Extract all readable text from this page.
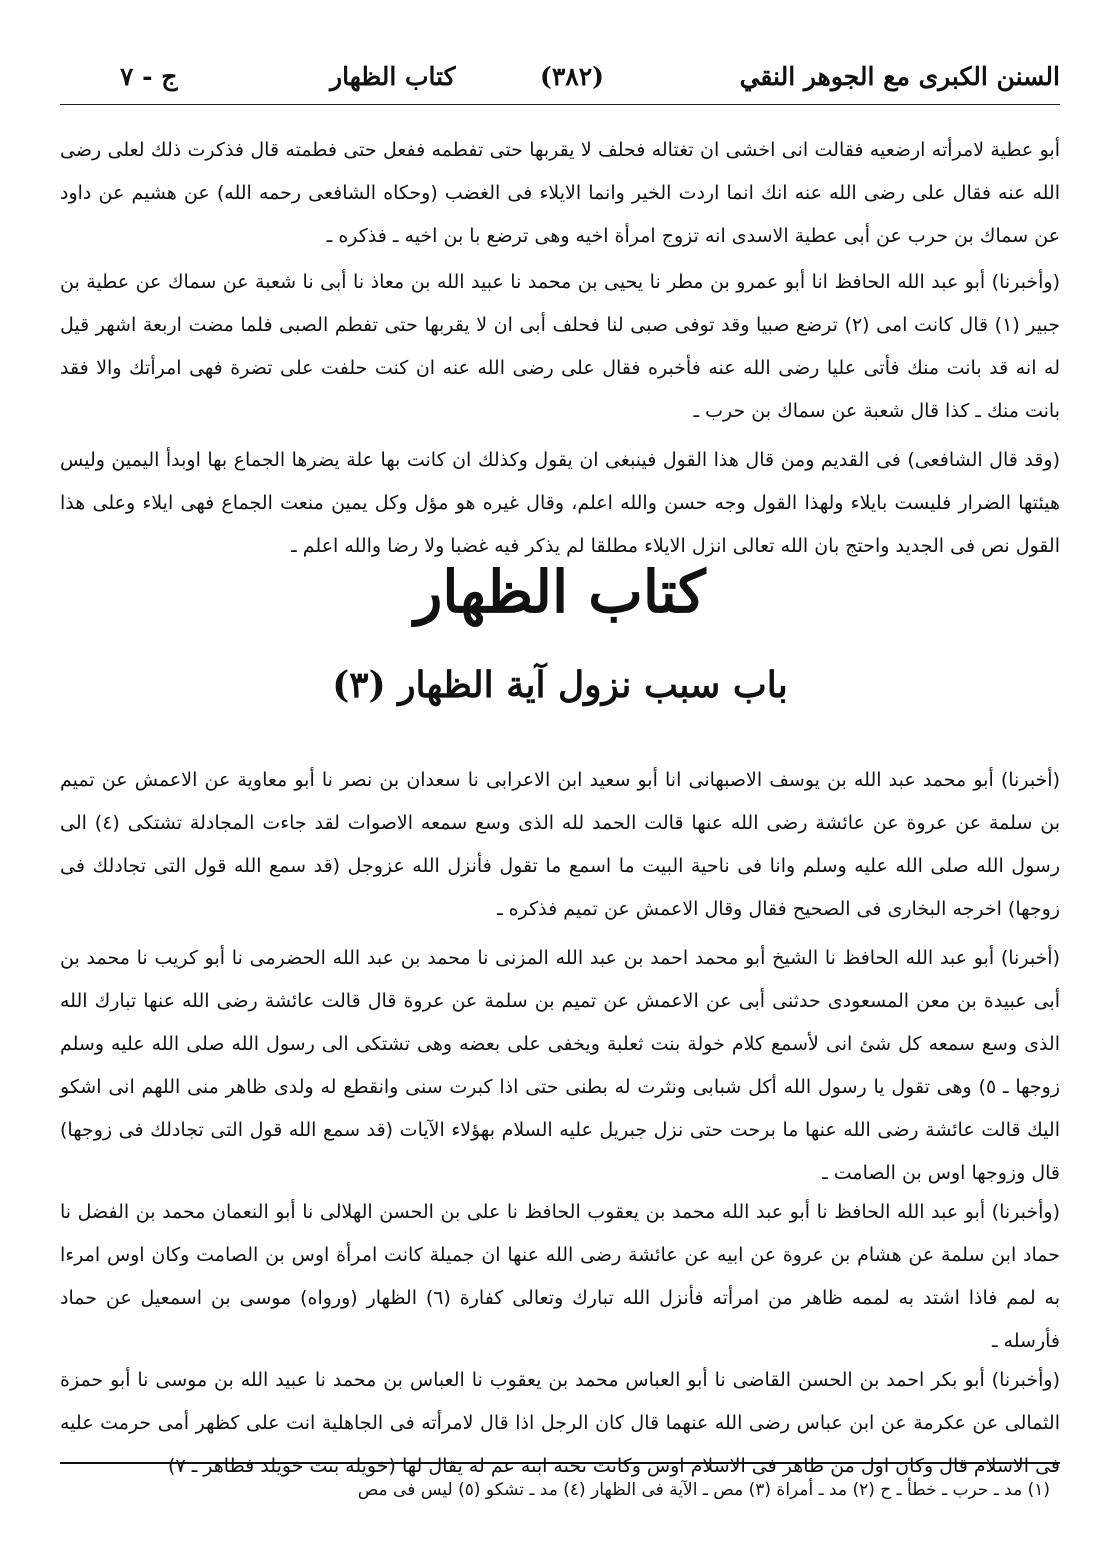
ج - ٧	كتاب الظهار	(٣٨٢)	السنن الكبرى مع الجوهر النقي

أبو عطية لامرأته ارضعيه فقالت انى اخشى ان تغتاله فحلف لا يقربها حتى تفطمه ففعل حتى فطمته قال فذكرت ذلك لعلى رضى الله عنه فقال على رضى الله عنه انك انما اردت الخير وانما الايلاء فى الغضب (وحكاه الشافعى رحمه الله) عن هشيم عن داود عن سماك بن حرب عن أبى عطية الاسدى انه تزوج امرأة اخيه وهى ترضع با بن اخيه ـ فذكره ـ

(وأخبرنا) أبو عبد الله الحافظ انا أبو عمرو بن مطر نا يحيى بن محمد نا عبيد الله بن معاذ نا أبى نا شعبة عن سماك عن عطية بن جبير (١) قال كانت امى (٢) ترضع صبيا وقد توفى صبى لنا فحلف أبى ان لا يقربها حتى تفطم الصبى فلما مضت اربعة اشهر قيل له انه قد بانت منك فأتى عليا رضى الله عنه فأخبره فقال على رضى الله عنه ان كنت حلفت على تضرة فهى امرأتك والا فقد بانت منك ـ كذا قال شعبة عن سماك بن حرب ـ

(وقد قال الشافعى) فى القديم ومن قال هذا القول فينبغى ان يقول وكذلك ان كانت بها علة يضرها الجماع بها اوبدأ اليمين وليس هيئتها الضرار فليست بايلاء ولهذا القول وجه حسن والله اعلم، وقال غيره هو مؤل وكل يمين منعت الجماع فهى ايلاء وعلى هذا القول نص فى الجديد واحتج بان الله تعالى انزل الايلاء مطلقا لم يذكر فيه غضبا ولا رضا والله اعلم ـ

كتاب الظهار
باب سبب نزول آية الظهار (٣)

(أخبرنا) أبو محمد عبد الله بن يوسف الاصبهانى انا أبو سعيد ابن الاعرابى نا سعدان بن نصر نا أبو معاوية عن الاعمش عن تميم بن سلمة عن عروة عن عائشة رضى الله عنها قالت الحمد لله الذى وسع سمعه الاصوات لقد جاءت المجادلة تشتكى (٤) الى رسول الله صلى الله عليه وسلم وانا فى ناحية البيت ما اسمع ما تقول فأنزل الله عزوجل (قد سمع الله قول التى تجادلك فى زوجها) اخرجه البخارى فى الصحيح فقال وقال الاعمش عن تميم فذكره ـ

(أخبرنا) أبو عبد الله الحافظ نا الشيخ أبو محمد احمد بن عبد الله المزنى نا محمد بن عبد الله الحضرمى نا أبو كريب نا محمد بن أبى عبيدة بن معن المسعودى حدثنى أبى عن الاعمش عن تميم بن سلمة عن عروة قال قالت عائشة رضى الله عنها تبارك الله الذى وسع سمعه كل شئ انى لأسمع كلام خولة بنت ثعلبة ويخفى على بعضه وهى تشتكى الى رسول الله صلى الله عليه وسلم زوجها ـ ٥) وهى تقول يا رسول الله أكل شبابى ونثرت له بطنى حتى اذا كبرت سنى وانقطع له ولدى ظاهر منى اللهم انى اشكو اليك قالت عائشة رضى الله عنها ما برحت حتى نزل جبريل عليه السلام بهؤلاء الآيات (قد سمع الله قول التى تجادلك فى زوجها) قال وزوجها اوس بن الصامت ـ

(وأخبرنا) أبو عبد الله الحافظ نا أبو عبد الله محمد بن يعقوب الحافظ نا على بن الحسن الهلالى نا أبو النعمان محمد بن الفضل نا حماد ابن سلمة عن هشام بن عروة عن ابيه عن عائشة رضى الله عنها ان جميلة كانت امرأة اوس بن الصامت وكان اوس امرءا به لمم فاذا اشتد به لممه ظاهر من امرأته فأنزل الله تبارك وتعالى كفارة (٦) الظهار (ورواه) موسى بن اسمعيل عن حماد فأرسله ـ

(وأخبرنا) أبو بكر احمد بن الحسن القاضى نا أبو العباس محمد بن يعقوب نا العباس بن محمد نا عبيد الله بن موسى نا أبو حمزة الثمالى عن عكرمة عن ابن عباس رضى الله عنهما قال كان الرجل اذا قال لامرأته فى الجاهلية انت على كظهر أمى حرمت عليه فى الاسلام قال وكان اول من ظاهر فى الاسلام اوس وكانت تحته ابنة عم له يقال لها (خويلة بنت خويلد فظاهر ـ ٧)

(١) مد ـ حرب ـ خطأ ـ ح (٢) مد ـ أمراة (٣) مص ـ الآية فى الظهار (٤) مد ـ تشكو (٥) ليس فى مص
